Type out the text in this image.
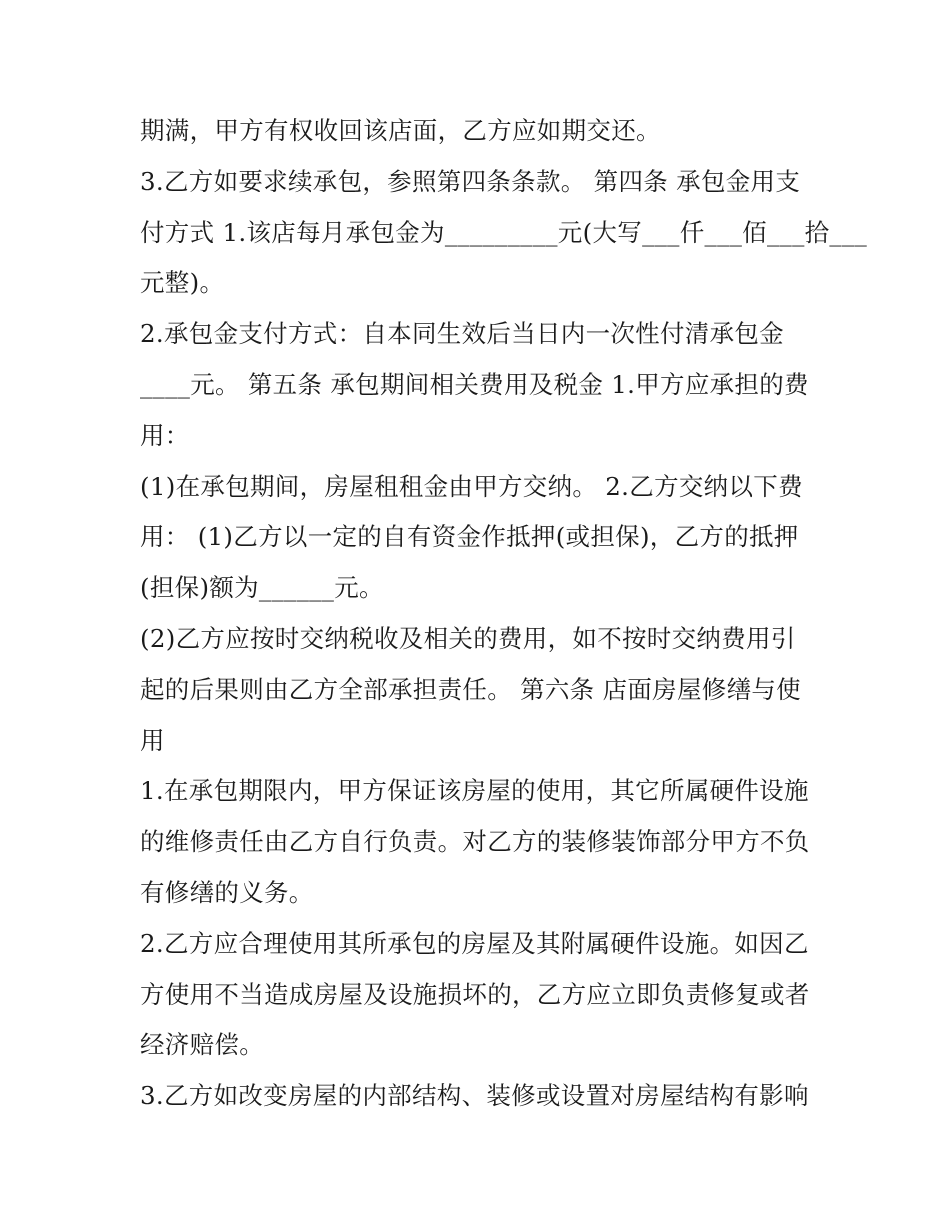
期满，甲方有权收回该店面，乙方应如期交还。
3.乙方如要求续承包，参照第四条条款。 第四条 承包金用支
付方式 1.该店每月承包金为_________元(大写___仟___佰___拾___
元整)。
2.承包金支付方式：自本同生效后当日内一次性付清承包金
____元。 第五条 承包期间相关费用及税金 1.甲方应承担的费
用：
(1)在承包期间，房屋租租金由甲方交纳。 2.乙方交纳以下费
用： (1)乙方以一定的自有资金作抵押(或担保)，乙方的抵押
(担保)额为______元。
(2)乙方应按时交纳税收及相关的费用，如不按时交纳费用引
起的后果则由乙方全部承担责任。 第六条 店面房屋修缮与使
用
1.在承包期限内，甲方保证该房屋的使用，其它所属硬件设施
的维修责任由乙方自行负责。对乙方的装修装饰部分甲方不负
有修缮的义务。
2.乙方应合理使用其所承包的房屋及其附属硬件设施。如因乙
方使用不当造成房屋及设施损坏的，乙方应立即负责修复或者
经济赔偿。
3.乙方如改变房屋的内部结构、装修或设置对房屋结构有影响
